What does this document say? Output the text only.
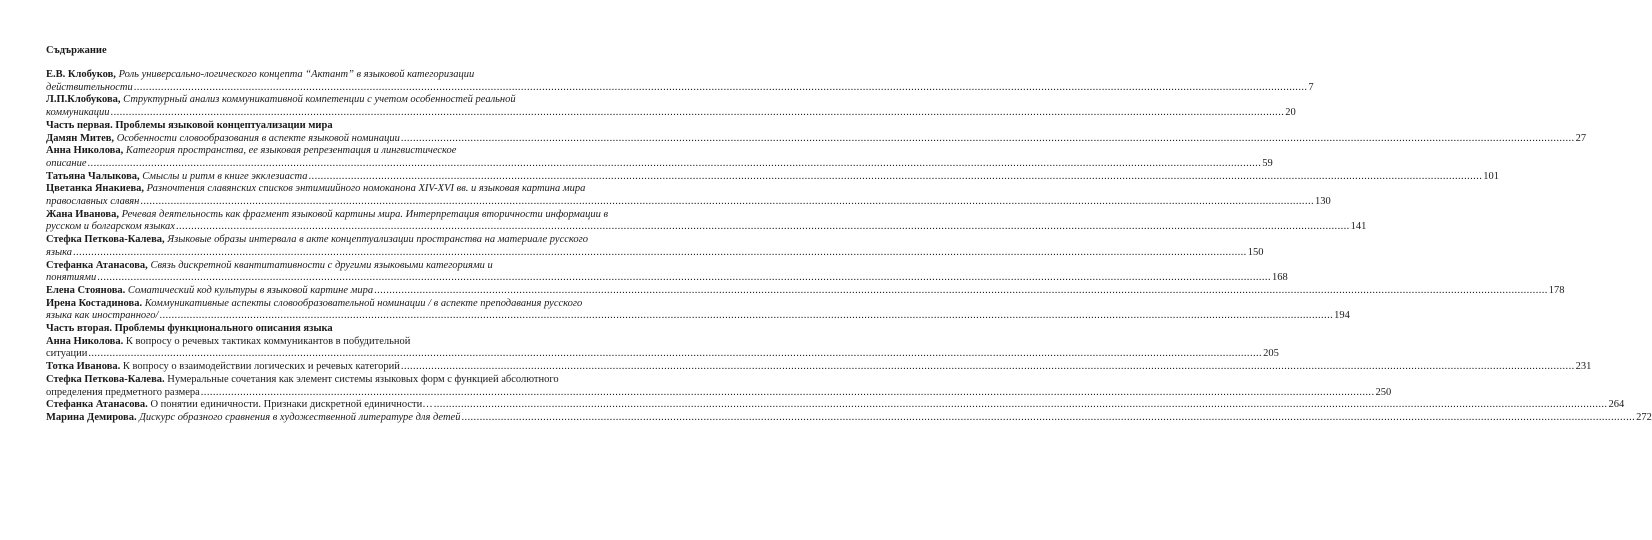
Съдържание
Е.В. Клобуков, Роль универсально-логического концепта “Актант” в языковой категоризации
действительности .....	7
Л.П.Клобукова, Структурный анализ коммуникативной компетенции с учетом особенностей реальной
коммуникации .....	20
Часть первая. Проблемы языковой концептуализации мира
Дамян Митев, Особенности словообразования в аспекте языковой номинации .....	27
Анна Николова, Категория пространства, ее языковая репрезентация и лингвистическое
описание .....	59
Татьяна Чалыкова, Смыслы и ритм в книге экклезиаста .....	101
Цветанка Янакиева, Разночтения славянских списков энтимиийного номоканона XIV-XVI вв. и языковая картина мира
православных славян .....	130
Жана Иванова, Речевая деятельность как фрагмент языковой картины мира. Интерпретация вторичности информации в
русском и болгарском языках .....	141
Стефка Петкова-Калева, Языковые образы интервала в акте концептуализации пространства на материале русского
языка .....	150
Стефанка Атанасова, Связь дискретной квантитативности с другими языковыми категориями и
понятиями .....	168
Елена Стоянова. Соматический код культуры в языковой картине мира .....	178
Ирена Костадинова. Коммуникативные аспекты словообразовательной номинации / в аспекте преподавания русского
языка как иностранного/ .....	194
Часть вторая. Проблемы функционального описания языка
Анна Николова. К вопросу о речевых тактиках коммуникантов в побудительной
ситуации .....	205
Тотка Иванова. К вопросу о взаимодействии логических и речевых категорий .....	231
Стефка Петкова-Калева. Нумеральные сочетания как элемент системы языковых форм с функцией абсолютного
определения предметного размера .....	250
Стефанка Атанасова. О понятии единичности. Признаки дискретной единичности… .....	264
Марина Демирова. Дискурс образного сравнения в художественной литературе для детей .....	272
